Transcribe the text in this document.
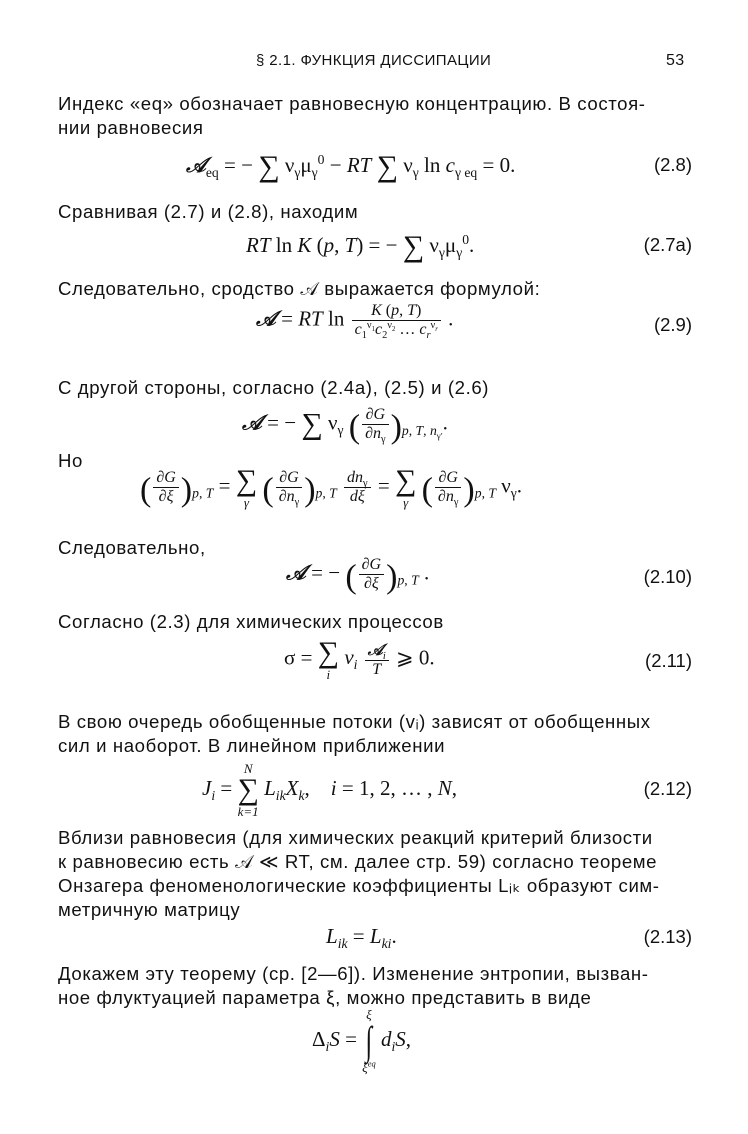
§ 2.1. ФУНКЦИЯ ДИССИПАЦИИ	53
Индекс «eq» обозначает равновесную концентрацию. В состоя-
нии равновесия
𝒜$_{eq}$ = − ∑ $\nu_\gamma\mu_\gamma^0$ − RT ∑ $\nu_\gamma$ $\ln c_{\gamma eq} = 0$.	(2.8)
Сравнивая (2.7) и (2.8), находим
RT ln K (p, T) = − ∑ $\nu_\gamma\mu_\gamma^0$.	(2.7a)
Следовательно, сродство 𝒜 выражается формулой:
𝒜 = RT $\ln \frac{K (p, T)}{c_1^{\nu_1}c_2^{\nu_2} \dots c_r^{\nu_r}}$ .	(2.9)
С другой стороны, согласно (2.4a), (2.5) и (2.6)
𝒜 = − ∑ $\nu_\gamma$ ( $\frac{\partial G}{\partial n_\gamma} )_{p, T, n_{\gamma'}}$.
Но
( $\frac{\partial G}{\partial\xi} )_{p, T}$ = ∑
γ ( $\frac{\partial G}{\partial n_\gamma} )_{p, T} \frac{dn_\gamma}{d\xi}$ = ∑
γ ( $\frac{\partial G}{\partial n_\gamma} )_{p, T}$ $\nu_\gamma$.
Следовательно,
𝒜 = − ( $\frac{\partial G}{\partial\xi} )_{p, T}$ .	(2.10)
Согласно (2.3) для химических процессов
σ = ∑
i
$v_i \frac{𝒜_i}{T}$ ⩾ 0.	(2.11)
В свою очередь обобщенные потоки (vᵢ) зависят от обобщенных
сил и наоборот. В линейном приближении
$J_i$ =
N
∑
k=1
$L_{ik}X_k$,    i = 1, 2, … , N,	(2.12)
Вблизи равновесия (для химических реакций критерий близости
к равновесию есть 𝒜 ≪ RT, см. далее стр. 59) согласно теореме
Онзагера феноменологические коэффициенты Lᵢₖ образуют сим-
метричную матрицу
$L_{ik} = L_{ki}$.	(2.13)
Докажем эту теорему (ср. [2—6]). Изменение энтропии, вызван-
ное флуктуацией параметра ξ, можно представить в виде
$\Delta_iS$ =
ξ
∫
$\xi^{eq}$
$d_iS$,
